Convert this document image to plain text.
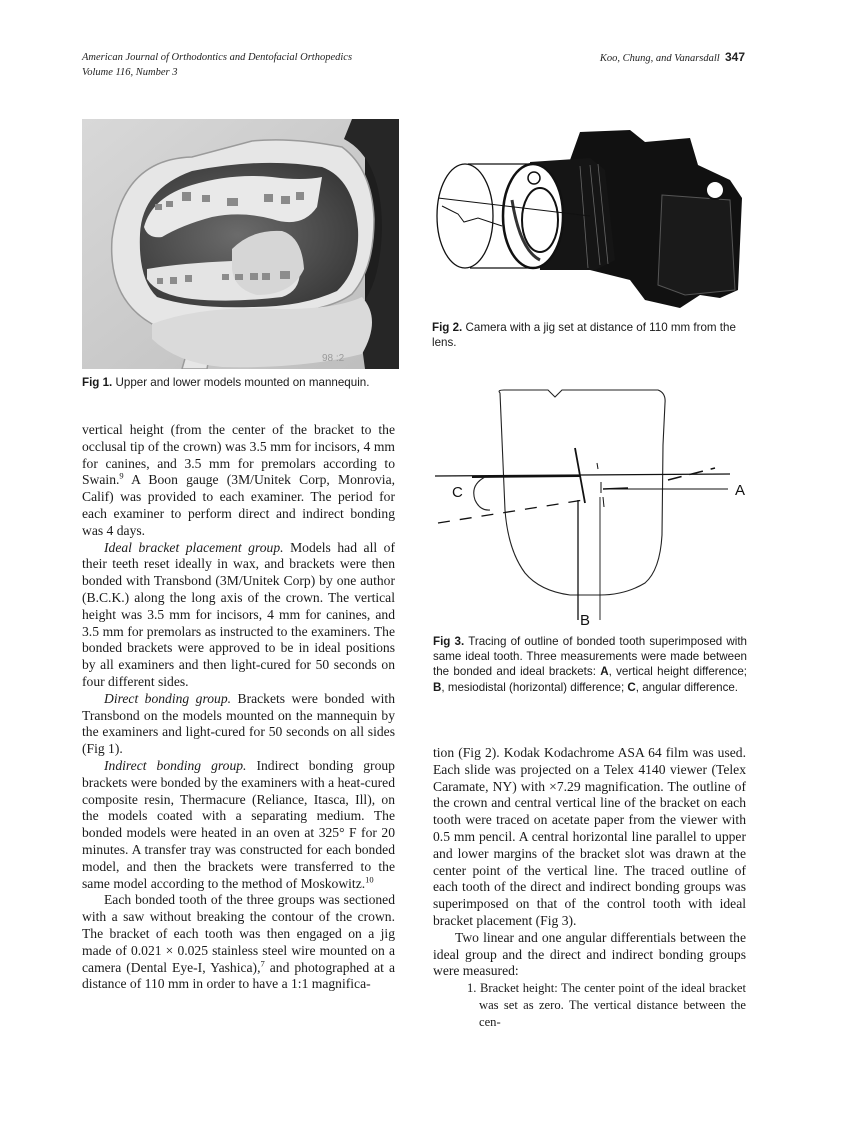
American Journal of Orthodontics and Dentofacial Orthopedics
Volume 116, Number 3
Koo, Chung, and Vanarsdall 347
98 :2
Fig 1. Upper and lower models mounted on mannequin.
Fig 2. Camera with a jig set at distance of 110 mm from the lens.
A
C
B
Fig 3. Tracing of outline of bonded tooth superimposed with same ideal tooth. Three measurements were made between the bonded and ideal brackets: A, vertical height difference; B, mesiodistal (horizontal) difference; C, angular difference.

vertical height (from the center of the bracket to the occlusal tip of the crown) was 3.5 mm for incisors, 4 mm for canines, and 3.5 mm for premolars according to Swain.$^9$ A Boon gauge (3M/Unitek Corp, Monrovia, Calif) was provided to each examiner. The period for each examiner to perform direct and indirect bonding was 4 days.

Ideal bracket placement group. Models had all of their teeth reset ideally in wax, and brackets were then bonded with Transbond (3M/Unitek Corp) by one author (B.C.K.) along the long axis of the crown. The vertical height was 3.5 mm for incisors, 4 mm for canines, and 3.5 mm for premolars as instructed to the examiners. The bonded brackets were approved to be in ideal positions by all examiners and then light-cured for 50 seconds on four different sides.

Direct bonding group. Brackets were bonded with Transbond on the models mounted on the mannequin by the examiners and light-cured for 50 seconds on all sides (Fig 1).

Indirect bonding group. Indirect bonding group brackets were bonded by the examiners with a heat-cured composite resin, Thermacure (Reliance, Itasca, Ill), on the models coated with a separating medium. The bonded models were heated in an oven at 325° F for 20 minutes. A transfer tray was constructed for each bonded model, and then the brackets were transferred to the same model according to the method of Moskowitz.$^{10}$

Each bonded tooth of the three groups was sectioned with a saw without breaking the contour of the crown. The bracket of each tooth was then engaged on a jig made of 0.021 × 0.025 stainless steel wire mounted on a camera (Dental Eye-I, Yashica),$^7$ and photographed at a distance of 110 mm in order to have a 1:1 magnifica-

tion (Fig 2). Kodak Kodachrome ASA 64 film was used. Each slide was projected on a Telex 4140 viewer (Telex Caramate, NY) with ×7.29 magnification. The outline of the crown and central vertical line of the bracket on each tooth were traced on acetate paper from the viewer with 0.5 mm pencil. A central horizontal line parallel to upper and lower margins of the bracket slot was drawn at the center point of the vertical line. The traced outline of each tooth of the direct and indirect bonding groups was superimposed on that of the control tooth with ideal bracket placement (Fig 3).

Two linear and one angular differentials between the ideal group and the direct and indirect bonding groups were measured:

1. Bracket height: The center point of the ideal bracket was set as zero. The vertical distance between the cen-
